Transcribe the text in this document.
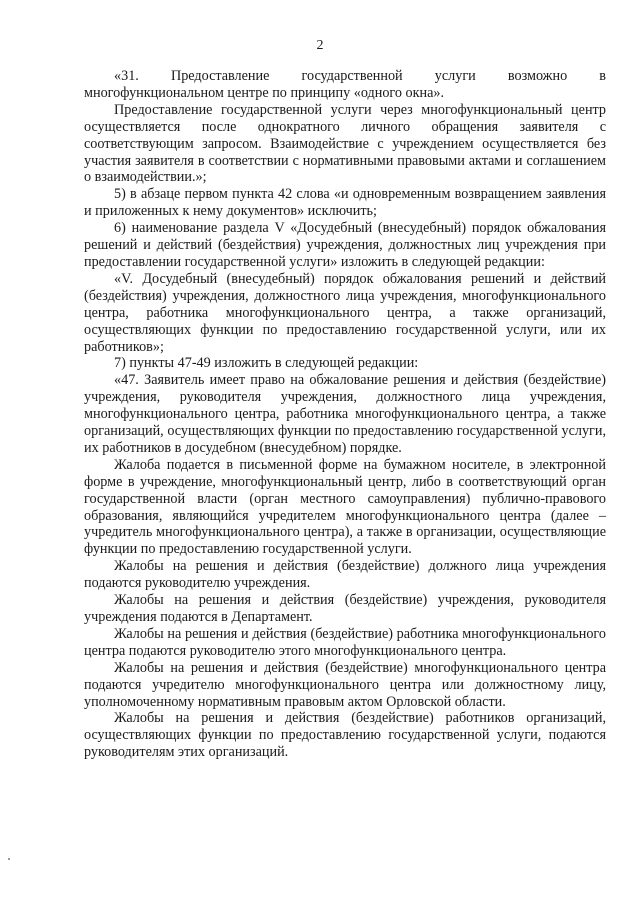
2

«31. Предоставление государственной услуги возможно в многофункциональном центре по принципу «одного окна».

Предоставление государственной услуги через многофункциональный центр осуществляется после однократного личного обращения заявителя с соответствующим запросом. Взаимодействие с учреждением осуществляется без участия заявителя в соответствии с нормативными правовыми актами и соглашением о взаимодействии.»;

5) в абзаце первом пункта 42 слова «и одновременным возвращением заявления и приложенных к нему документов» исключить;

6) наименование раздела V «Досудебный (внесудебный) порядок обжалования решений и действий (бездействия) учреждения, должностных лиц учреждения при предоставлении государственной услуги» изложить в следующей редакции:

«V. Досудебный (внесудебный) порядок обжалования решений и действий (бездействия) учреждения, должностного лица учреждения, многофункционального центра, работника многофункционального центра, а также организаций, осуществляющих функции по предоставлению государственной услуги, или их работников»;

7) пункты 47-49 изложить в следующей редакции:

«47. Заявитель имеет право на обжалование решения и действия (бездействие) учреждения, руководителя учреждения, должностного лица учреждения, многофункционального центра, работника многофункционального центра, а также организаций, осуществляющих функции по предоставлению государственной услуги, их работников в досудебном (внесудебном) порядке.

Жалоба подается в письменной форме на бумажном носителе, в электронной форме в учреждение, многофункциональный центр, либо в соответствующий орган государственной власти (орган местного самоуправления) публично-правового образования, являющийся учредителем многофункционального центра (далее – учредитель многофункционального центра), а также в организации, осуществляющие функции по предоставлению государственной услуги.

Жалобы на решения и действия (бездействие) должного лица учреждения подаются руководителю учреждения.

Жалобы на решения и действия (бездействие) учреждения, руководителя учреждения подаются в Департамент.

Жалобы на решения и действия (бездействие) работника многофункционального центра подаются руководителю этого многофункционального центра.

Жалобы на решения и действия (бездействие) многофункционального центра подаются учредителю многофункционального центра или должностному лицу, уполномоченному нормативным правовым актом Орловской области.

Жалобы на решения и действия (бездействие) работников организаций, осуществляющих функции по предоставлению государственной услуги, подаются руководителям этих организаций.
